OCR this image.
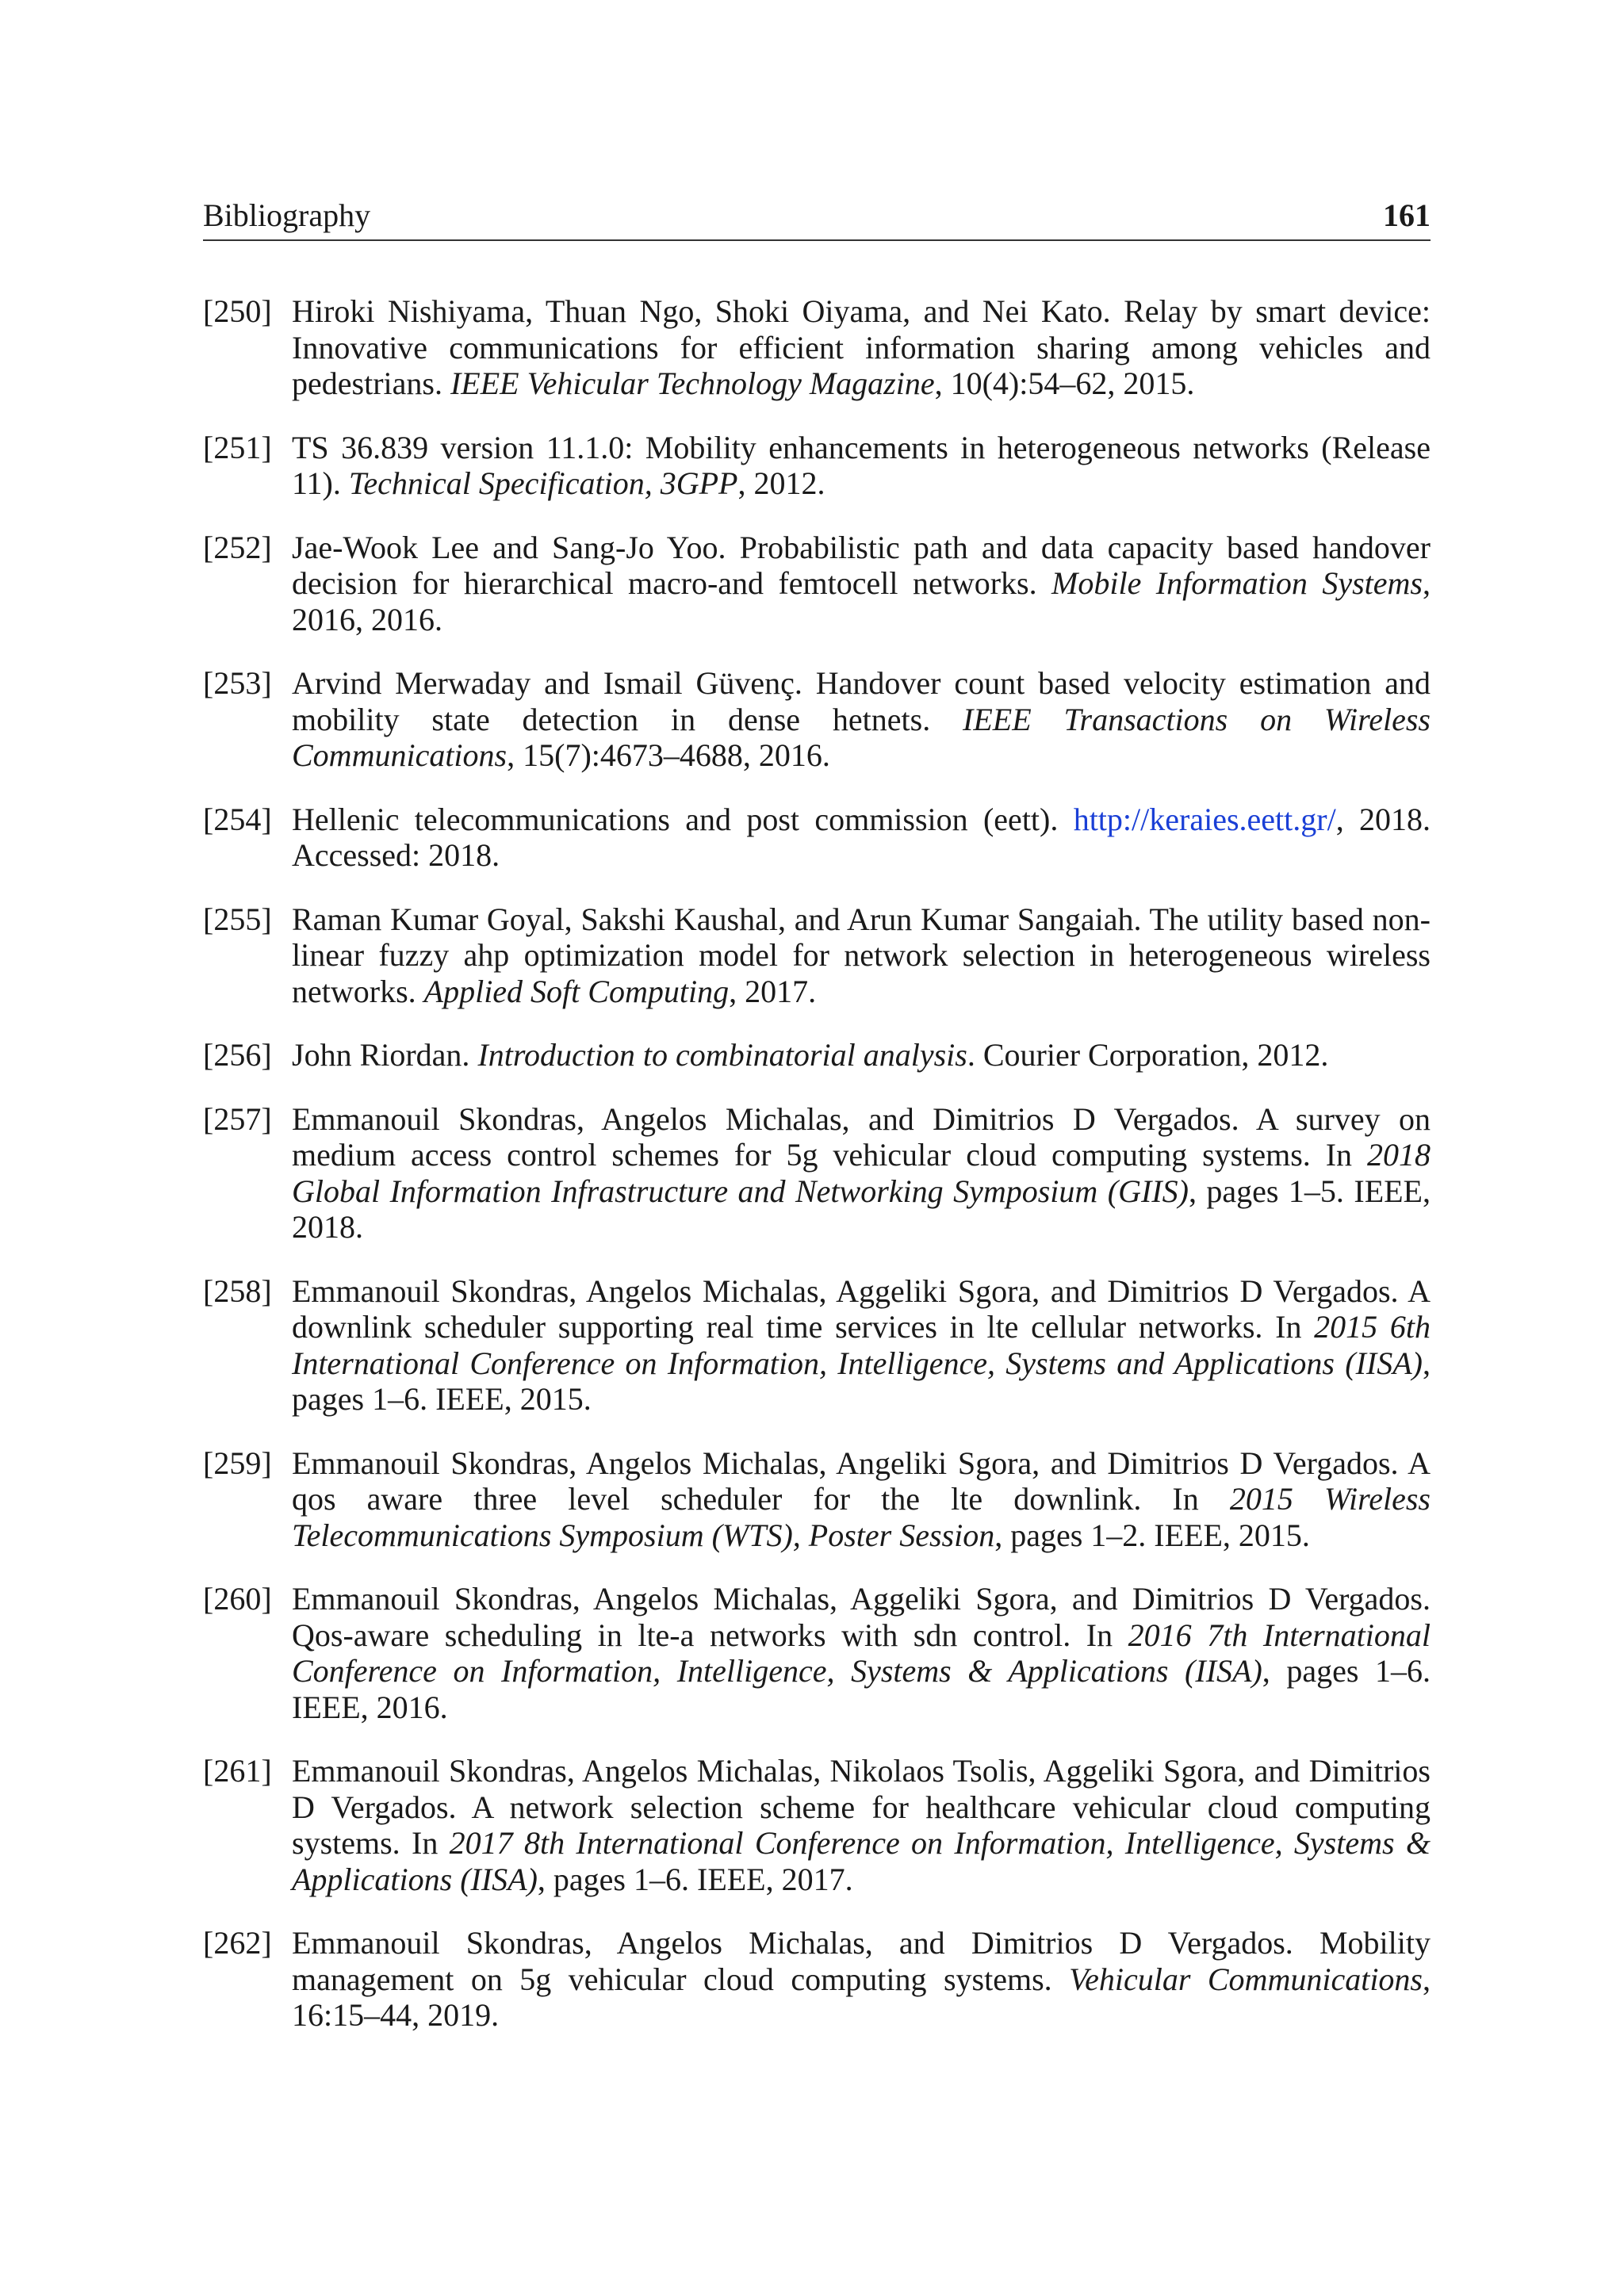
Bibliography	161
[250] Hiroki Nishiyama, Thuan Ngo, Shoki Oiyama, and Nei Kato. Relay by smart device: Innovative communications for efficient information sharing among vehicles and pedestrians. IEEE Vehicular Technology Magazine, 10(4):54–62, 2015.
[251] TS 36.839 version 11.1.0: Mobility enhancements in heterogeneous networks (Release 11). Technical Specification, 3GPP, 2012.
[252] Jae-Wook Lee and Sang-Jo Yoo. Probabilistic path and data capacity based handover decision for hierarchical macro-and femtocell networks. Mobile Information Systems, 2016, 2016.
[253] Arvind Merwaday and Ismail Güvenç. Handover count based velocity estimation and mobility state detection in dense hetnets. IEEE Transactions on Wireless Communications, 15(7):4673–4688, 2016.
[254] Hellenic telecommunications and post commission (eett). http://keraies.eett.gr/, 2018. Accessed: 2018.
[255] Raman Kumar Goyal, Sakshi Kaushal, and Arun Kumar Sangaiah. The utility based non-linear fuzzy ahp optimization model for network selection in heterogeneous wireless networks. Applied Soft Computing, 2017.
[256] John Riordan. Introduction to combinatorial analysis. Courier Corporation, 2012.
[257] Emmanouil Skondras, Angelos Michalas, and Dimitrios D Vergados. A survey on medium access control schemes for 5g vehicular cloud computing systems. In 2018 Global Information Infrastructure and Networking Symposium (GIIS), pages 1–5. IEEE, 2018.
[258] Emmanouil Skondras, Angelos Michalas, Aggeliki Sgora, and Dimitrios D Vergados. A downlink scheduler supporting real time services in lte cellular networks. In 2015 6th International Conference on Information, Intelligence, Systems and Applications (IISA), pages 1–6. IEEE, 2015.
[259] Emmanouil Skondras, Angelos Michalas, Angeliki Sgora, and Dimitrios D Vergados. A qos aware three level scheduler for the lte downlink. In 2015 Wireless Telecommunications Symposium (WTS), Poster Session, pages 1–2. IEEE, 2015.
[260] Emmanouil Skondras, Angelos Michalas, Aggeliki Sgora, and Dimitrios D Vergados. Qos-aware scheduling in lte-a networks with sdn control. In 2016 7th International Conference on Information, Intelligence, Systems & Applications (IISA), pages 1–6. IEEE, 2016.
[261] Emmanouil Skondras, Angelos Michalas, Nikolaos Tsolis, Aggeliki Sgora, and Dimitrios D Vergados. A network selection scheme for healthcare vehicular cloud computing systems. In 2017 8th International Conference on Information, Intelligence, Systems & Applications (IISA), pages 1–6. IEEE, 2017.
[262] Emmanouil Skondras, Angelos Michalas, and Dimitrios D Vergados. Mobility management on 5g vehicular cloud computing systems. Vehicular Communications, 16:15–44, 2019.
